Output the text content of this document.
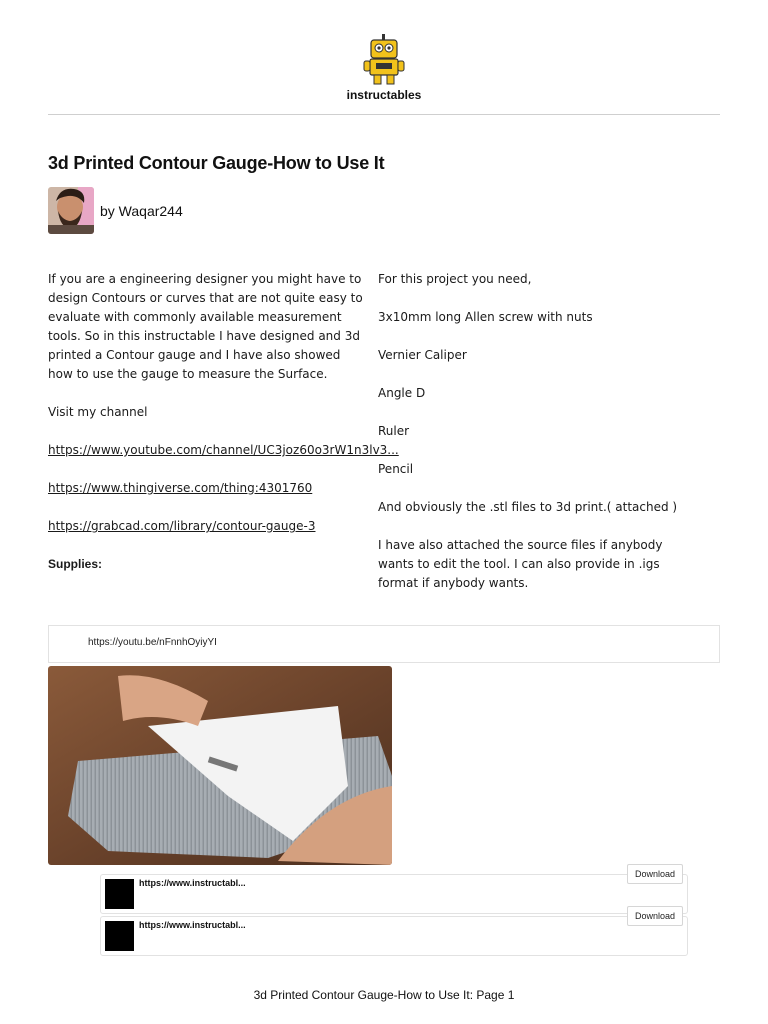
instructables
3d Printed Contour Gauge-How to Use It
by Waqar244

If you are a engineering designer you might have to design Contours or curves that are not quite easy to evaluate with commonly available measurement tools. So in this instructable I have designed and 3d printed a Contour gauge and I have also showed how to use the gauge to measure the Surface.

Visit my channel

https://www.youtube.com/channel/UC3joz60o3rW1n3lv3...

https://www.thingiverse.com/thing:4301760

https://grabcad.com/library/contour-gauge-3

Supplies:

For this project you need,

3x10mm long Allen screw with nuts

Vernier Caliper

Angle D

Ruler

Pencil

And obviously the .stl files to 3d print.( attached )

I have also attached the source files if anybody wants to edit the tool. I can also provide in .igs format if anybody wants.

https://youtu.be/nFnnhOyiyYI
https://www.instructabl...
Download
https://www.instructabl...
Download
3d Printed Contour Gauge-How to Use It: Page 1
